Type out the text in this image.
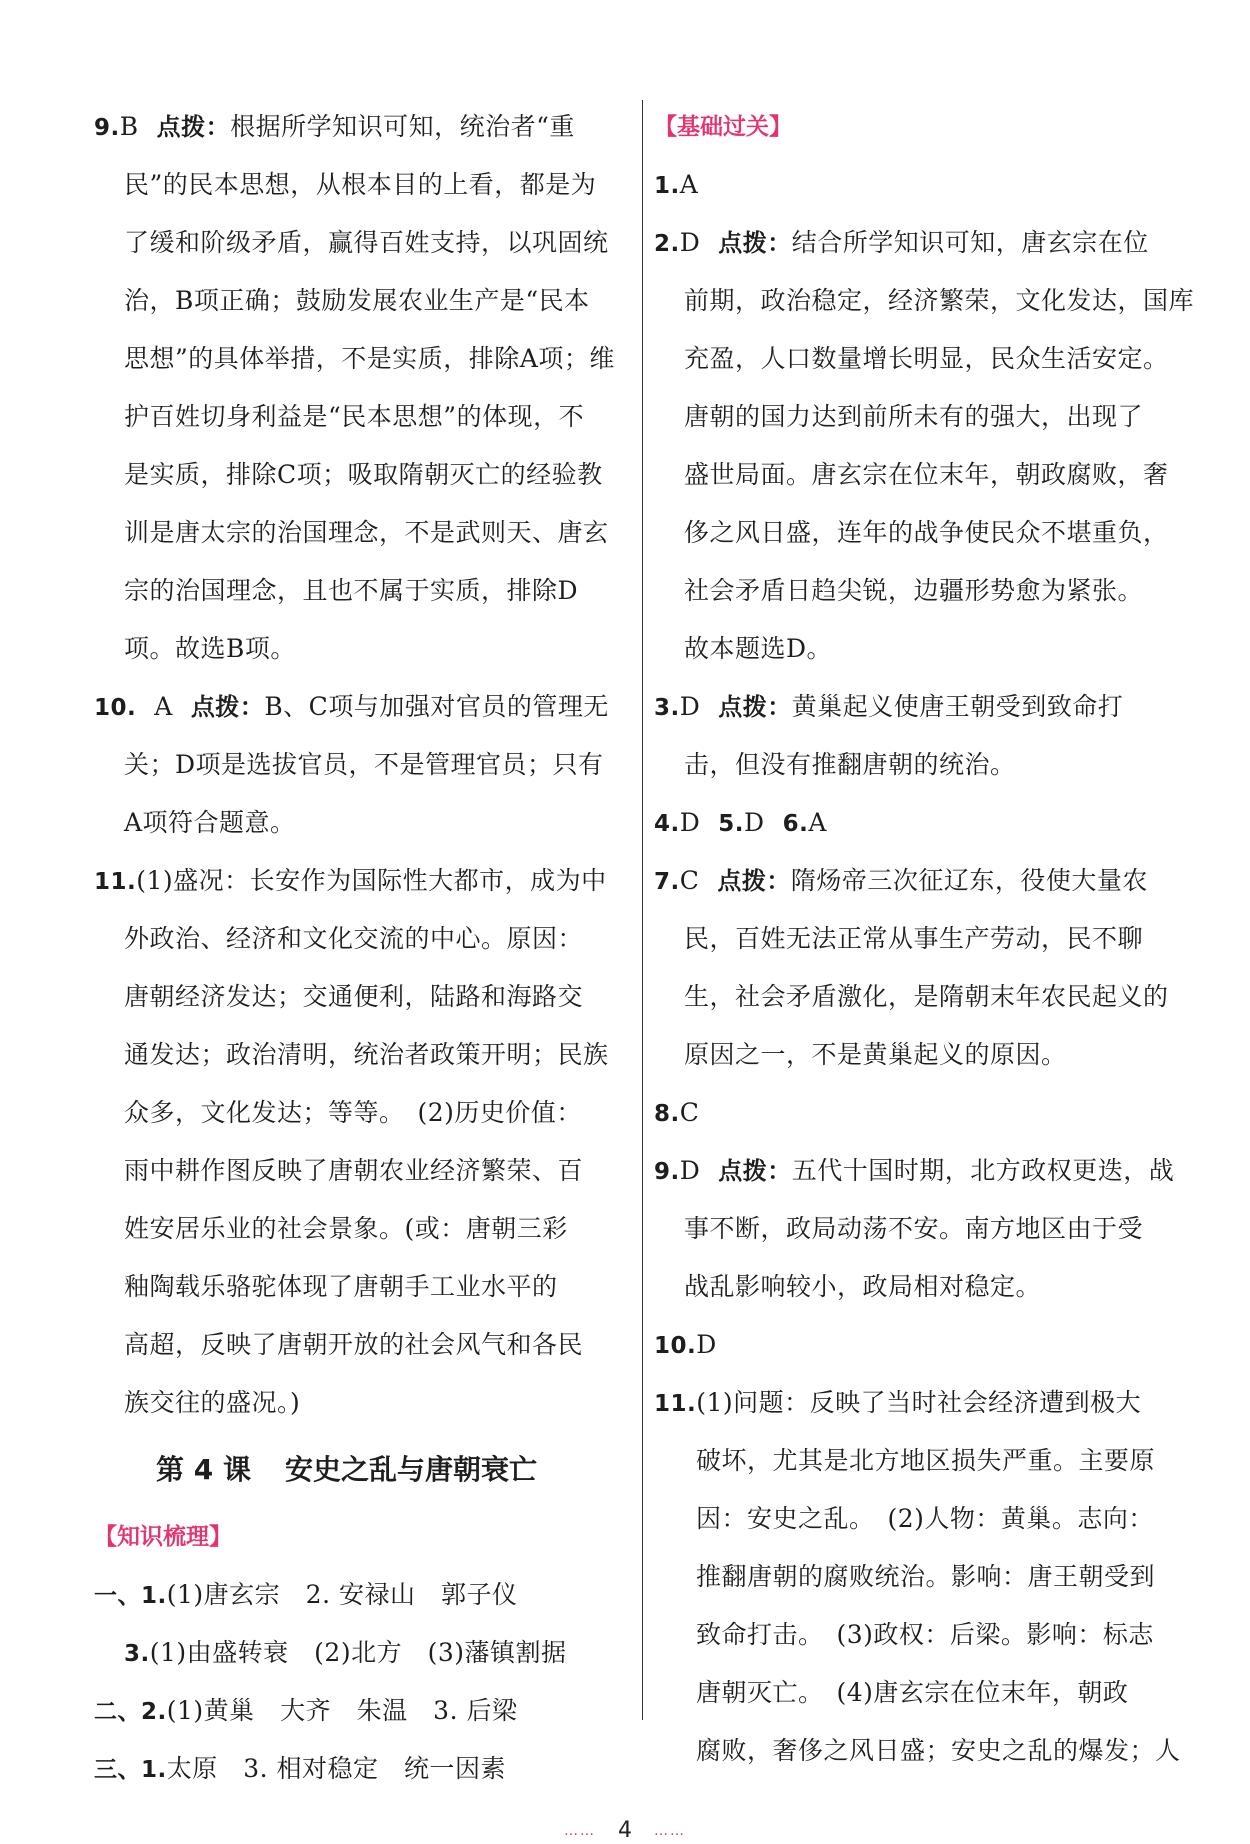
9.B 点拨：根据所学知识可知，统治者“重
民”的民本思想，从根本目的上看，都是为
了缓和阶级矛盾，赢得百姓支持，以巩固统
治，B项正确；鼓励发展农业生产是“民本
思想”的具体举措，不是实质，排除A项；维
护百姓切身利益是“民本思想”的体现，不
是实质，排除C项；吸取隋朝灭亡的经验教
训是唐太宗的治国理念，不是武则天、唐玄
宗的治国理念，且也不属于实质，排除D
项。故选B项。
10. A 点拨：B、C项与加强对官员的管理无
关；D项是选拔官员，不是管理官员；只有
A项符合题意。
11.(1)盛况：长安作为国际性大都市，成为中
外政治、经济和文化交流的中心。原因：
唐朝经济发达；交通便利，陆路和海路交
通发达；政治清明，统治者政策开明；民族
众多，文化发达；等等。　(2)历史价值：
雨中耕作图反映了唐朝农业经济繁荣、百
姓安居乐业的社会景象。(或：唐朝三彩
釉陶载乐骆驼体现了唐朝手工业水平的
高超，反映了唐朝开放的社会风气和各民
族交往的盛况。)
第 4 课 安史之乱与唐朝衰亡
【知识梳理】
一、1.(1)唐玄宗　2. 安禄山　郭子仪
3.(1)由盛转衰　(2)北方　(3)藩镇割据
二、2.(1)黄巢　大齐　朱温　3. 后梁
三、1.太原　3. 相对稳定　统一因素
【基础过关】
1.A
2.D 点拨：结合所学知识可知，唐玄宗在位
前期，政治稳定，经济繁荣，文化发达，国库
充盈，人口数量增长明显，民众生活安定。
唐朝的国力达到前所未有的强大，出现了
盛世局面。唐玄宗在位末年，朝政腐败，奢
侈之风日盛，连年的战争使民众不堪重负，
社会矛盾日趋尖锐，边疆形势愈为紧张。
故本题选D。
3.D 点拨：黄巢起义使唐王朝受到致命打
击，但没有推翻唐朝的统治。
4.D 5.D 6.A
7.C 点拨：隋炀帝三次征辽东，役使大量农
民，百姓无法正常从事生产劳动，民不聊
生，社会矛盾激化，是隋朝末年农民起义的
原因之一，不是黄巢起义的原因。
8.C
9.D 点拨：五代十国时期，北方政权更迭，战
事不断，政局动荡不安。南方地区由于受
战乱影响较小，政局相对稳定。
10.D
11.(1)问题：反映了当时社会经济遭到极大
破坏，尤其是北方地区损失严重。主要原
因：安史之乱。　(2)人物：黄巢。志向：
推翻唐朝的腐败统治。影响：唐王朝受到
致命打击。　(3)政权：后梁。影响：标志
唐朝灭亡。　(4)唐玄宗在位末年，朝政
腐败，奢侈之风日盛；安史之乱的爆发；人
…… 4 ……
